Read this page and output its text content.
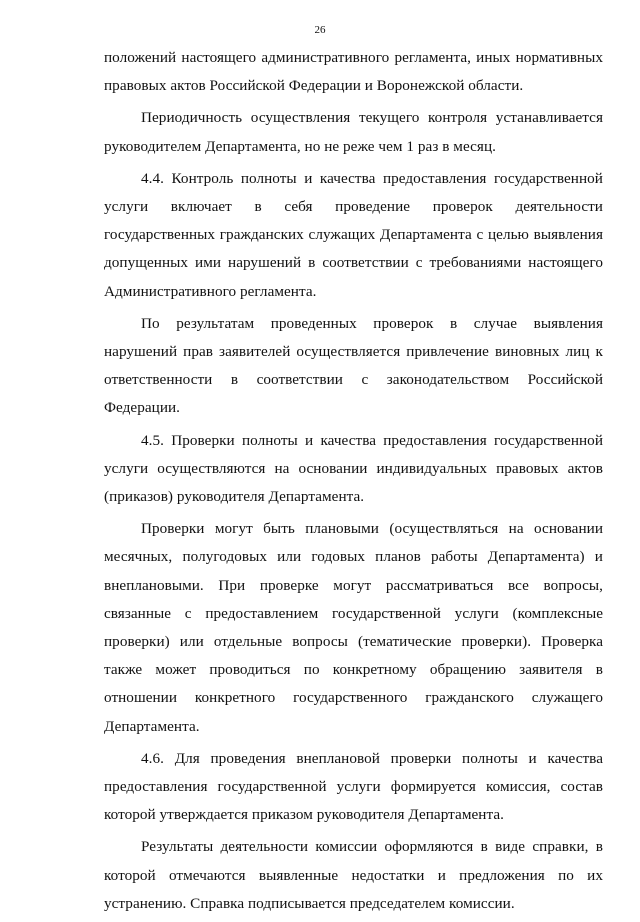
26

положений настоящего административного регламента, иных нормативных правовых актов Российской Федерации и Воронежской области.

Периодичность осуществления текущего контроля устанавливается руководителем Департамента, но не реже чем 1 раз в месяц.

4.4. Контроль полноты и качества предоставления государственной услуги включает в себя проведение проверок деятельности государственных гражданских служащих Департамента с целью выявления допущенных ими нарушений в соответствии с требованиями настоящего Административного регламента.

По результатам проведенных проверок в случае выявления нарушений прав заявителей осуществляется привлечение виновных лиц к ответственности в соответствии с законодательством Российской Федерации.

4.5. Проверки полноты и качества предоставления государственной услуги осуществляются на основании индивидуальных правовых актов (приказов) руководителя Департамента.

Проверки могут быть плановыми (осуществляться на основании месячных, полугодовых или годовых планов работы Департамента) и внеплановыми. При проверке могут рассматриваться все вопросы, связанные с предоставлением государственной услуги (комплексные проверки) или отдельные вопросы (тематические проверки). Проверка также может проводиться по конкретному обращению заявителя в отношении конкретного государственного гражданского служащего Департамента.

4.6. Для проведения внеплановой проверки полноты и качества предоставления государственной услуги формируется комиссия, состав которой утверждается приказом руководителя Департамента.

Результаты деятельности комиссии оформляются в виде справки, в которой отмечаются выявленные недостатки и предложения по их устранению. Справка подписывается председателем комиссии.
